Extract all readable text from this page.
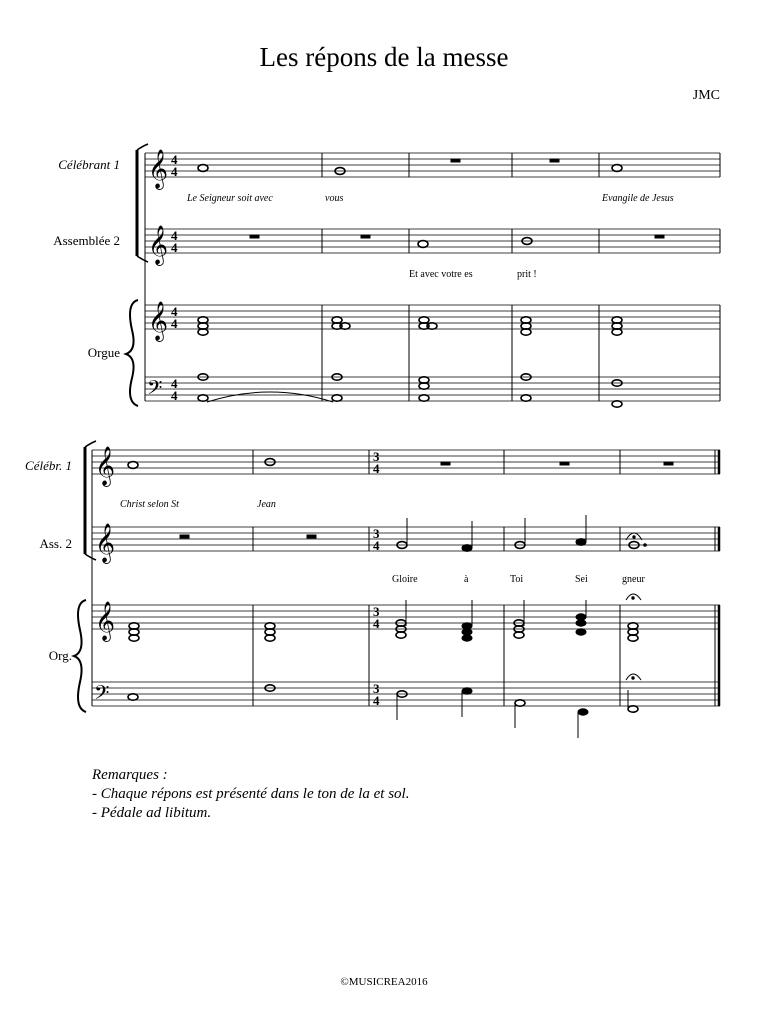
Les répons de la messe
JMC
𝄞
𝄞
𝄞
𝄢
𝄞
𝄞
𝄞
𝄢
4
4
4
4
4
4
4
4
3
4
3
4
3
4
3
4
Célébrant 1
Assemblée 2
Orgue
Célébr. 1
Ass. 2
Org.
Le Seigneur soit avec	vous	Evangile de Jesus
Et avec votre es	prit !
Christ selon St	Jean
Gloire	à	Toi	Sei	gneur
Remarques :
- Chaque répons est présenté dans le ton de la et sol.
- Pédale ad libitum.
©MUSICREA2016
